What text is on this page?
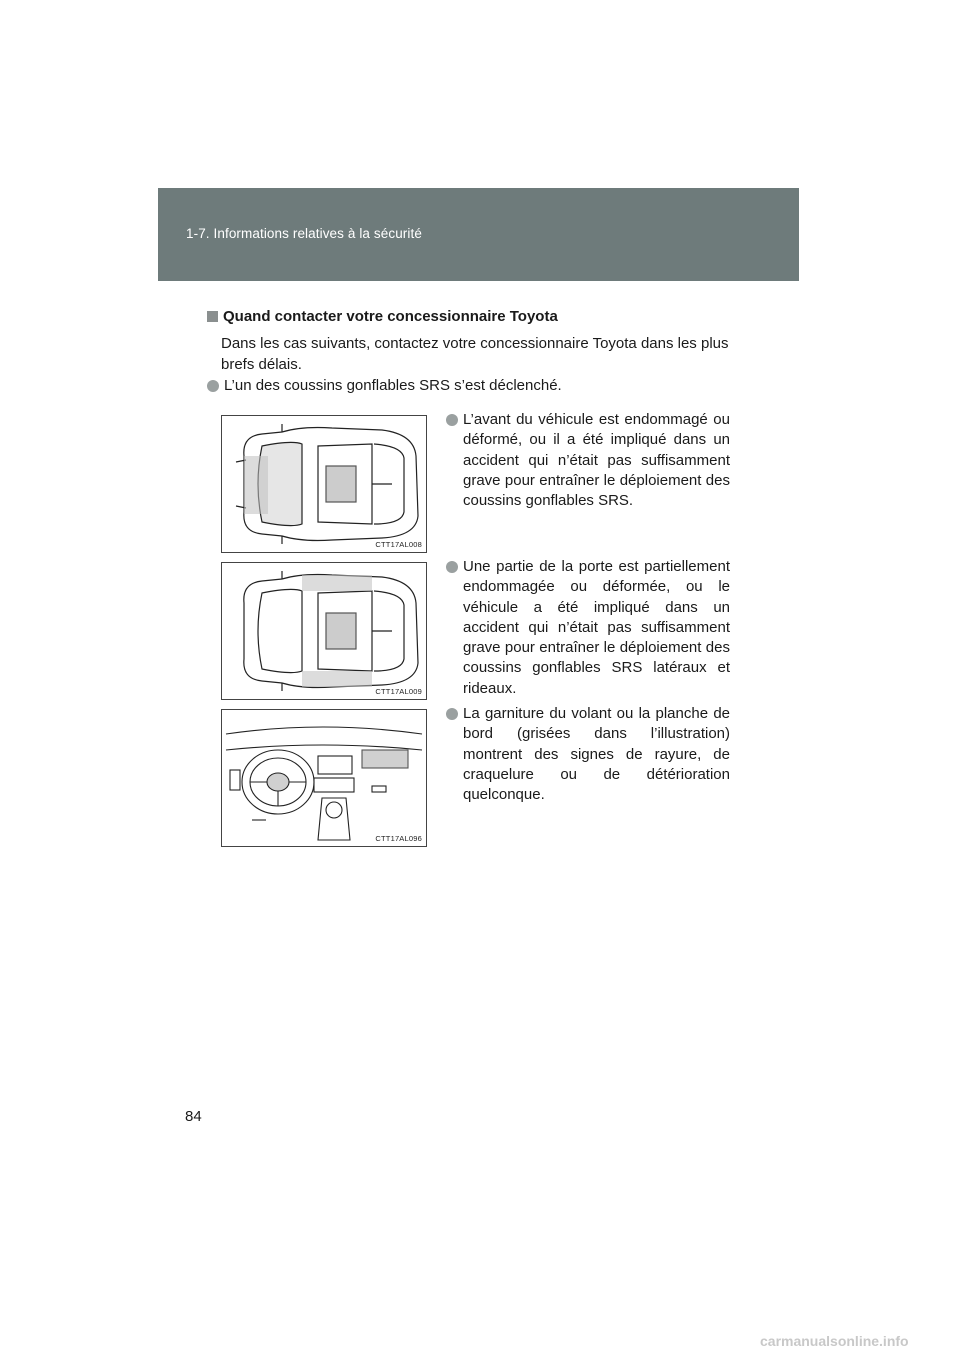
1-7. Informations relatives à la sécurité
Quand contacter votre concessionnaire Toyota
Dans les cas suivants, contactez votre concessionnaire Toyota dans les plus brefs délais.
L’un des coussins gonflables SRS s’est déclenché.
L’avant du véhicule est endommagé ou déformé, ou il a été impliqué dans un accident qui n’était pas suffisamment grave pour entraîner le déploiement des coussins gonflables SRS.
Une partie de la porte est partiellement endommagée ou déformée, ou le véhicule a été impliqué dans un accident qui n’était pas suffisamment grave pour entraîner le déploiement des coussins gonflables SRS latéraux et rideaux.
La garniture du volant ou la planche de bord (grisées dans l’illustration) montrent des signes de rayure, de craquelure ou de détérioration quelconque.
CTT17AL008
CTT17AL009
CTT17AL096
84
carmanualsonline.info
